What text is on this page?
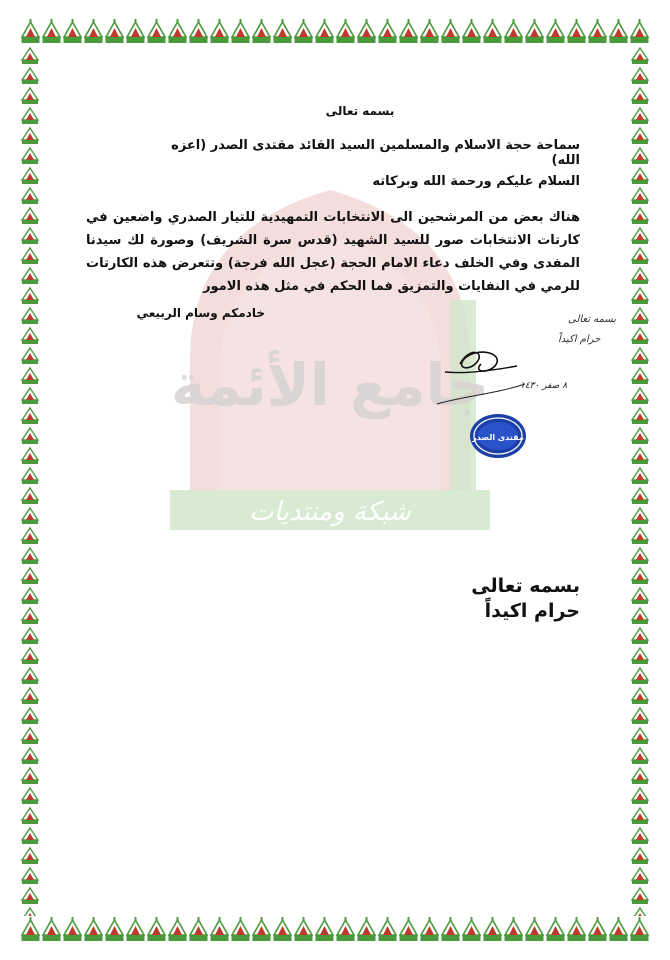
جامع الأئمة
شبكة ومنتديات
بسمه تعالى
سماحة حجة الاسلام والمسلمين السيد القائد مقتدى الصدر (اعزه الله)
السلام عليكم ورحمة الله وبركاته
هناك بعض من المرشحين الى الانتخابات التمهيدية للتيار الصدري واضعين في كارتات الانتخابات صور للسيد الشهيد (قدس سرة الشريف) وصورة لك سيدنا المفدى وفي الخلف دعاء الامام الحجة (عجل الله فرجة) وتتعرض هذه الكارتات للرمي في النفايات والتمزيق فما الحكم في مثل هذه الامور
خادمكم وسام الربيعي	بسمه تعالى
حرام اكيداً
٨ صفر ١٤٣٠
مقتدى الصدر
بسمه تعالى
حرام اكيداً
